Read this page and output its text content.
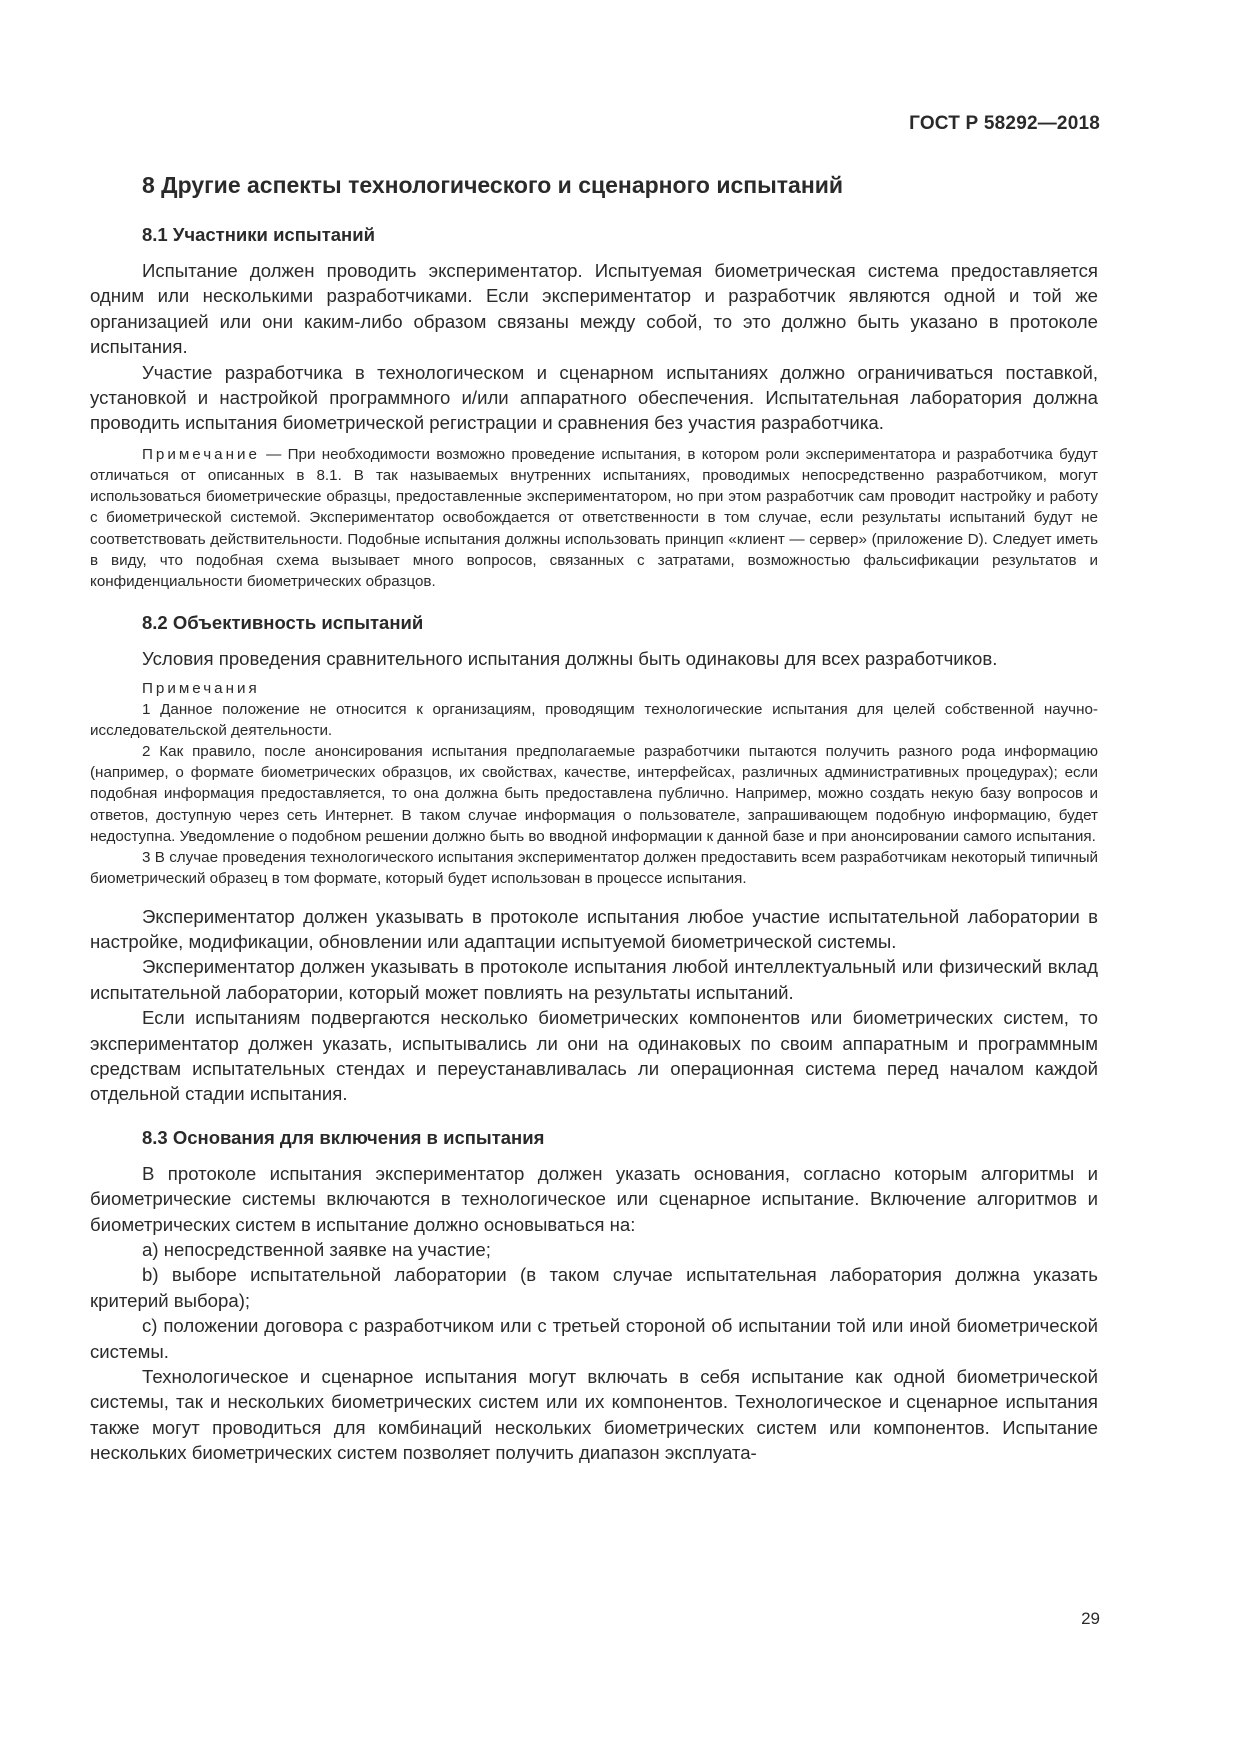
ГОСТ Р 58292—2018
8 Другие аспекты технологического и сценарного испытаний
8.1 Участники испытаний

Испытание должен проводить экспериментатор. Испытуемая биометрическая система предоставляется одним или несколькими разработчиками. Если экспериментатор и разработчик являются одной и той же организацией или они каким-либо образом связаны между собой, то это должно быть указано в протоколе испытания.

Участие разработчика в технологическом и сценарном испытаниях должно ограничиваться поставкой, установкой и настройкой программного и/или аппаратного обеспечения. Испытательная лаборатория должна проводить испытания биометрической регистрации и сравнения без участия разработчика.

Примечание — При необходимости возможно проведение испытания, в котором роли экспериментатора и разработчика будут отличаться от описанных в 8.1. В так называемых внутренних испытаниях, проводимых непосредственно разработчиком, могут использоваться биометрические образцы, предоставленные экспериментатором, но при этом разработчик сам проводит настройку и работу с биометрической системой. Экспериментатор освобождается от ответственности в том случае, если результаты испытаний будут не соответствовать действительности. Подобные испытания должны использовать принцип «клиент — сервер» (приложение D). Следует иметь в виду, что подобная схема вызывает много вопросов, связанных с затратами, возможностью фальсификации результатов и конфиденциальности биометрических образцов.
8.2 Объективность испытаний

Условия проведения сравнительного испытания должны быть одинаковы для всех разработчиков.

Примечания
1 Данное положение не относится к организациям, проводящим технологические испытания для целей собственной научно-исследовательской деятельности.
2 Как правило, после анонсирования испытания предполагаемые разработчики пытаются получить разного рода информацию (например, о формате биометрических образцов, их свойствах, качестве, интерфейсах, различных административных процедурах); если подобная информация предоставляется, то она должна быть предоставлена публично. Например, можно создать некую базу вопросов и ответов, доступную через сеть Интернет. В таком случае информация о пользователе, запрашивающем подобную информацию, будет недоступна. Уведомление о подобном решении должно быть во вводной информации к данной базе и при анонсировании самого испытания.
3 В случае проведения технологического испытания экспериментатор должен предоставить всем разработчикам некоторый типичный биометрический образец в том формате, который будет использован в процессе испытания.

Экспериментатор должен указывать в протоколе испытания любое участие испытательной лаборатории в настройке, модификации, обновлении или адаптации испытуемой биометрической системы.

Экспериментатор должен указывать в протоколе испытания любой интеллектуальный или физический вклад испытательной лаборатории, который может повлиять на результаты испытаний.

Если испытаниям подвергаются несколько биометрических компонентов или биометрических систем, то экспериментатор должен указать, испытывались ли они на одинаковых по своим аппаратным и программным средствам испытательных стендах и переустанавливалась ли операционная система перед началом каждой отдельной стадии испытания.

8.3 Основания для включения в испытания

В протоколе испытания экспериментатор должен указать основания, согласно которым алгоритмы и биометрические системы включаются в технологическое или сценарное испытание. Включение алгоритмов и биометрических систем в испытание должно основываться на:

a) непосредственной заявке на участие;

b) выборе испытательной лаборатории (в таком случае испытательная лаборатория должна указать критерий выбора);

c) положении договора с разработчиком или с третьей стороной об испытании той или иной биометрической системы.

Технологическое и сценарное испытания могут включать в себя испытание как одной биометрической системы, так и нескольких биометрических систем или их компонентов. Технологическое и сценарное испытания также могут проводиться для комбинаций нескольких биометрических систем или компонентов. Испытание нескольких биометрических систем позволяет получить диапазон эксплуата-

29
